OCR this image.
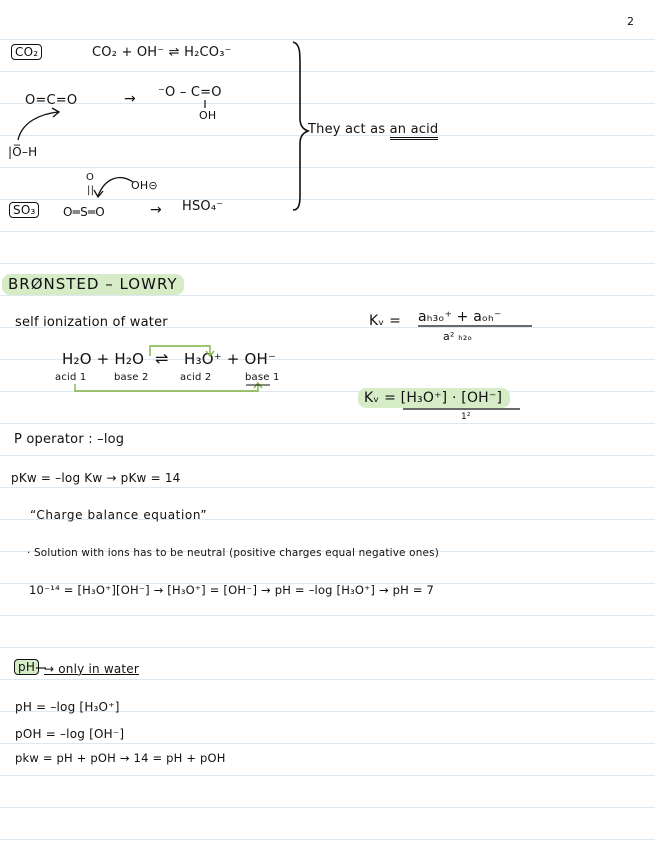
2
CO₂	CO₂ + OH⁻ ⇌ H₂CO₃⁻
O=C=O	→ ⁻O – C=O
OH
|O̅–H
SO₃
O
||
O═S═O
OH⊝
→ HSO₄⁻
They act as an acid
BRØNSTED – LOWRY
self ionization of water
H₂O + H₂O ⇌ H₃O⁺ + OH⁻
acid 1	base 2	acid 2	base 1
Kᵥ = aₕ₃ₒ⁺ + aₒₕ⁻
a² ₕ₂ₒ
Kᵥ = [H₃O⁺] · [OH⁻]
1²
P operator : –log
pKw = –log Kw → pKw = 14
“Charge balance equation”
· Solution with ions has to be neutral (positive charges equal negative ones)
10⁻¹⁴ = [H₃O⁺][OH⁻] → [H₃O⁺] = [OH⁻] → pH = –log [H₃O⁺] → pH = 7
pH → only in water
pH = –log [H₃O⁺]
pOH = –log [OH⁻]
pkw = pH + pOH → 14 = pH + pOH
